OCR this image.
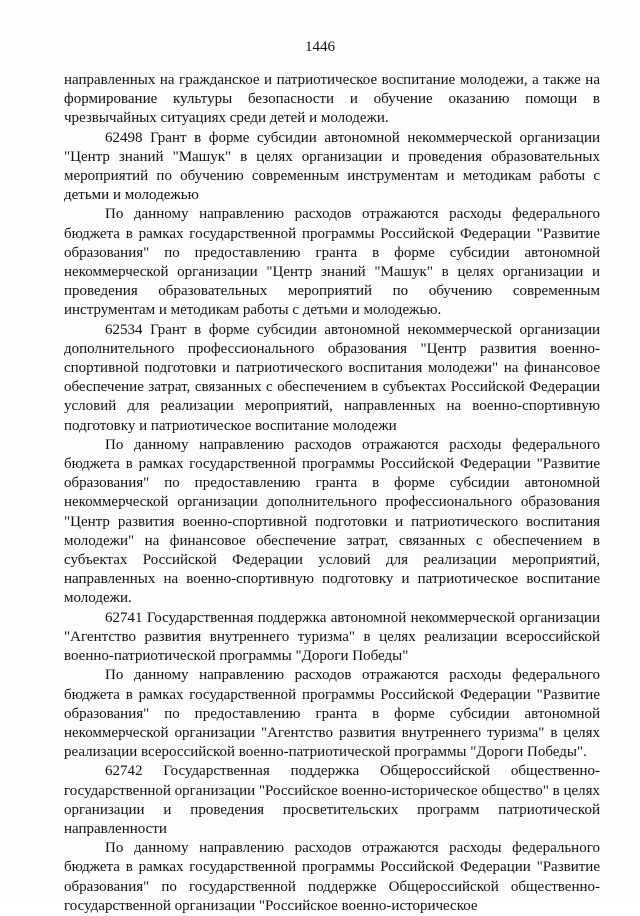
1446

направленных на гражданское и патриотическое воспитание молодежи, а также на формирование культуры безопасности и обучение оказанию помощи в чрезвычайных ситуациях среди детей и молодежи.

62498 Грант в форме субсидии автономной некоммерческой организации "Центр знаний "Машук" в целях организации и проведения образовательных мероприятий по обучению современным инструментам и методикам работы с детьми и молодежью

По данному направлению расходов отражаются расходы федерального бюджета в рамках государственной программы Российской Федерации "Развитие образования" по предоставлению гранта в форме субсидии автономной некоммерческой организации "Центр знаний "Машук" в целях организации и проведения образовательных мероприятий по обучению современным инструментам и методикам работы с детьми и молодежью.

62534 Грант в форме субсидии автономной некоммерческой организации дополнительного профессионального образования "Центр развития военно-спортивной подготовки и патриотического воспитания молодежи" на финансовое обеспечение затрат, связанных с обеспечением в субъектах Российской Федерации условий для реализации мероприятий, направленных на военно-спортивную подготовку и патриотическое воспитание молодежи

По данному направлению расходов отражаются расходы федерального бюджета в рамках государственной программы Российской Федерации "Развитие образования" по предоставлению гранта в форме субсидии автономной некоммерческой организации дополнительного профессионального образования "Центр развития военно-спортивной подготовки и патриотического воспитания молодежи" на финансовое обеспечение затрат, связанных с обеспечением в субъектах Российской Федерации условий для реализации мероприятий, направленных на военно-спортивную подготовку и патриотическое воспитание молодежи.

62741 Государственная поддержка автономной некоммерческой организации "Агентство развития внутреннего туризма" в целях реализации всероссийской военно-патриотической программы "Дороги Победы"

По данному направлению расходов отражаются расходы федерального бюджета в рамках государственной программы Российской Федерации "Развитие образования" по предоставлению гранта в форме субсидии автономной некоммерческой организации "Агентство развития внутреннего туризма" в целях реализации всероссийской военно-патриотической программы "Дороги Победы".

62742 Государственная поддержка Общероссийской общественно-государственной организации "Российское военно-историческое общество" в целях организации и проведения просветительских программ патриотической направленности

По данному направлению расходов отражаются расходы федерального бюджета в рамках государственной программы Российской Федерации "Развитие образования" по государственной поддержке Общероссийской общественно-государственной организации "Российское военно-историческое
